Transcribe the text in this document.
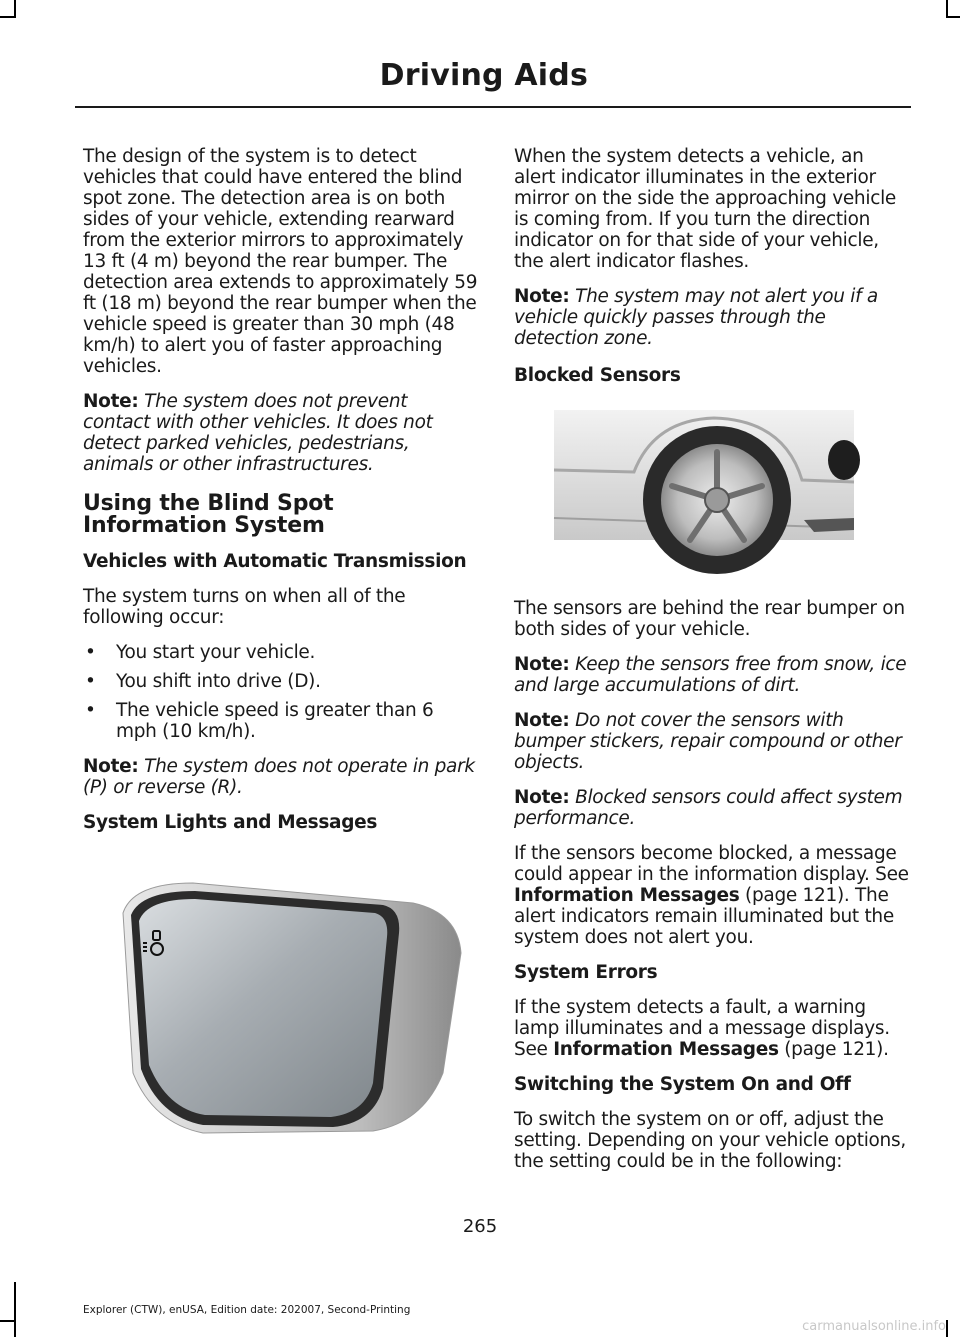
Driving Aids

The design of the system is to detect vehicles that could have entered the blind spot zone. The detection area is on both sides of your vehicle, extending rearward from the exterior mirrors to approximately 13 ft (4 m) beyond the rear bumper. The detection area extends to approximately 59 ft (18 m) beyond the rear bumper when the vehicle speed is greater than 30 mph (48 km/h) to alert you of faster approaching vehicles.

Note: The system does not prevent contact with other vehicles. It does not detect parked vehicles, pedestrians, animals or other infrastructures.

Using the Blind Spot Information System
Vehicles with Automatic Transmission

The system turns on when all of the following occur:

• You start your vehicle.
• You shift into drive (D).
• The vehicle speed is greater than 6 mph (10 km/h).

Note: The system does not operate in park (P) or reverse (R).

System Lights and Messages

When the system detects a vehicle, an alert indicator illuminates in the exterior mirror on the side the approaching vehicle is coming from. If you turn the direction indicator on for that side of your vehicle, the alert indicator flashes.

Note: The system may not alert you if a vehicle quickly passes through the detection zone.

Blocked Sensors

The sensors are behind the rear bumper on both sides of your vehicle.

Note: Keep the sensors free from snow, ice and large accumulations of dirt.

Note: Do not cover the sensors with bumper stickers, repair compound or other objects.

Note: Blocked sensors could affect system performance.

If the sensors become blocked, a message could appear in the information display. See Information Messages (page 121). The alert indicators remain illuminated but the system does not alert you.

System Errors

If the system detects a fault, a warning lamp illuminates and a message displays. See Information Messages (page 121).

Switching the System On and Off

To switch the system on or off, adjust the setting. Depending on your vehicle options, the setting could be in the following:

265
Explorer (CTW), enUSA, Edition date: 202007, Second-Printing
carmanualsonline.info
